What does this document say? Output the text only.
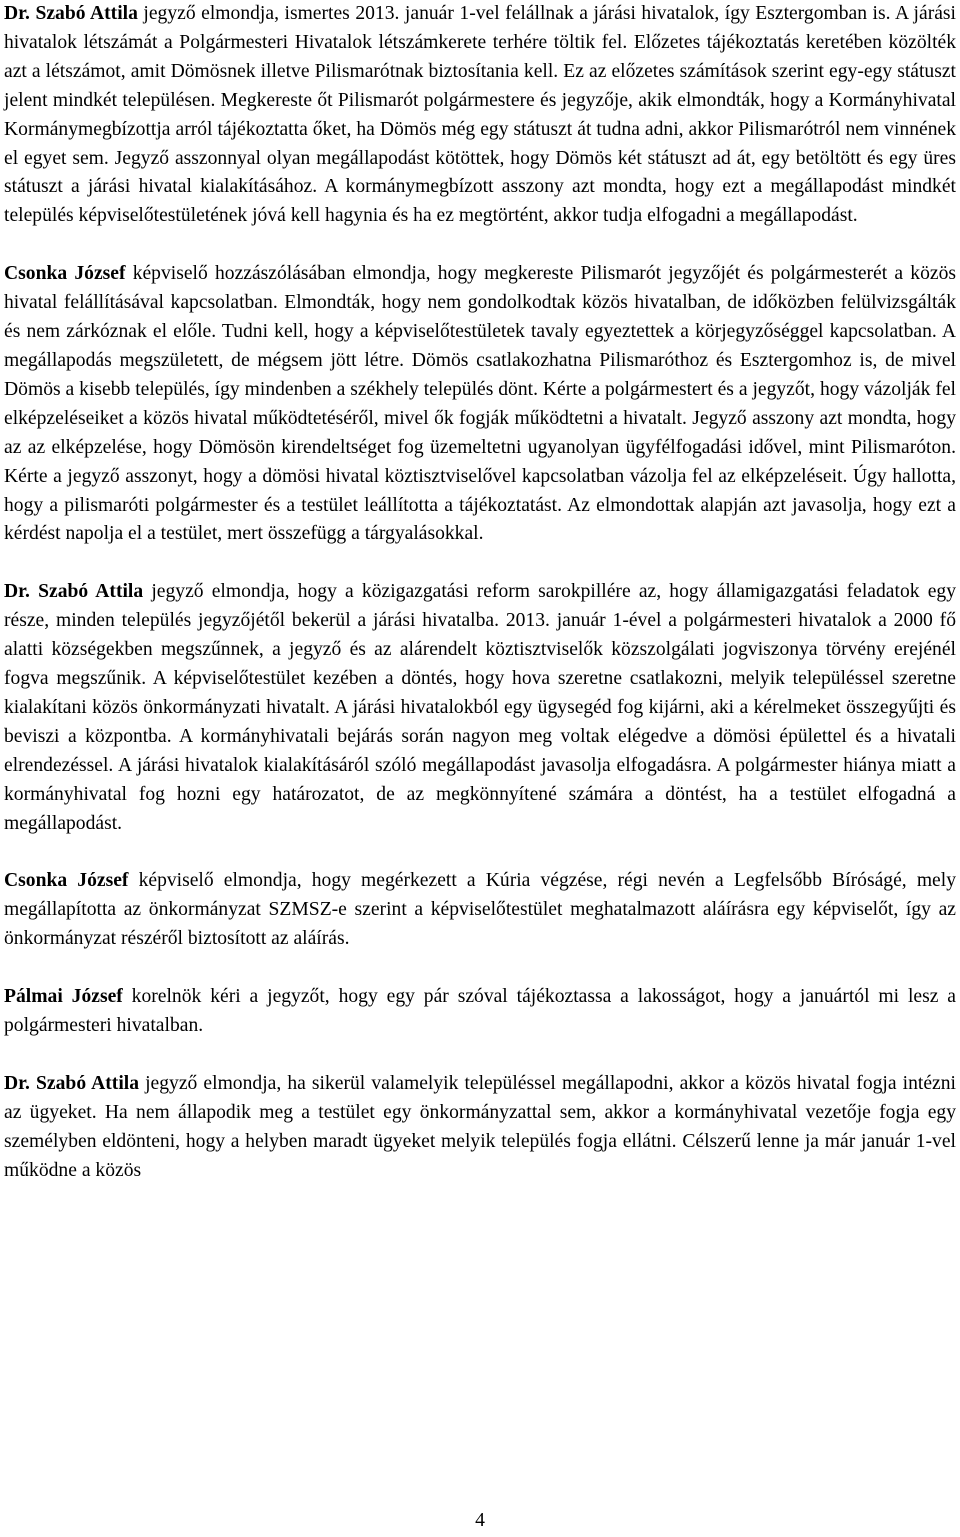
Dr. Szabó Attila jegyző elmondja, ismertes 2013. január 1-vel felállnak a járási hivatalok, így Esztergomban is. A járási hivatalok létszámát a Polgármesteri Hivatalok létszámkerete terhére töltik fel. Előzetes tájékoztatás keretében közölték azt a létszámot, amit Dömösnek illetve Pilismarótnak biztosítania kell. Ez az előzetes számítások szerint egy-egy státuszt jelent mindkét településen. Megkereste őt Pilismarót polgármestere és jegyzője, akik elmondták, hogy a Kormányhivatal Kormánymegbízottja arról tájékoztatta őket, ha Dömös még egy státuszt át tudna adni, akkor Pilismarótról nem vinnének el egyet sem. Jegyző asszonnyal olyan megállapodást kötöttek, hogy Dömös két státuszt ad át, egy betöltött és egy üres státuszt a járási hivatal kialakításához. A kormánymegbízott asszony azt mondta, hogy ezt a megállapodást mindkét település képviselőtestületének jóvá kell hagynia és ha ez megtörtént, akkor tudja elfogadni a megállapodást.

Csonka József képviselő hozzászólásában elmondja, hogy megkereste Pilismarót jegyzőjét és polgármesterét a közös hivatal felállításával kapcsolatban. Elmondták, hogy nem gondolkodtak közös hivatalban, de időközben felülvizsgálták és nem zárkóznak el előle. Tudni kell, hogy a képviselőtestületek tavaly egyeztettek a körjegyzőséggel kapcsolatban. A megállapodás megszületett, de mégsem jött létre. Dömös csatlakozhatna Pilismaróthoz és Esztergomhoz is, de mivel Dömös a kisebb település, így mindenben a székhely település dönt. Kérte a polgármestert és a jegyzőt, hogy vázolják fel elképzeléseiket a közös hivatal működtetéséről, mivel ők fogják működtetni a hivatalt. Jegyző asszony azt mondta, hogy az az elképzelése, hogy Dömösön kirendeltséget fog üzemeltetni ugyanolyan ügyfélfogadási idővel, mint Pilismaróton. Kérte a jegyző asszonyt, hogy a dömösi hivatal köztisztviselővel kapcsolatban vázolja fel az elképzeléseit. Úgy hallotta, hogy a pilismaróti polgármester és a testület leállította a tájékoztatást. Az elmondottak alapján azt javasolja, hogy ezt a kérdést napolja el a testület, mert összefügg a tárgyalásokkal.

Dr. Szabó Attila jegyző elmondja, hogy a közigazgatási reform sarokpillére az, hogy államigazgatási feladatok egy része, minden település jegyzőjétől bekerül a járási hivatalba. 2013. január 1-ével a polgármesteri hivatalok a 2000 fő alatti községekben megszűnnek, a jegyző és az alárendelt köztisztviselők közszolgálati jogviszonya törvény erejénél fogva megszűnik. A képviselőtestület kezében a döntés, hogy hova szeretne csatlakozni, melyik településsel szeretne kialakítani közös önkormányzati hivatalt. A járási hivatalokból egy ügysegéd fog kijárni, aki a kérelmeket összegyűjti és beviszi a központba. A kormányhivatali bejárás során nagyon meg voltak elégedve a dömösi épülettel és a hivatali elrendezéssel. A járási hivatalok kialakításáról szóló megállapodást javasolja elfogadásra. A polgármester hiánya miatt a kormányhivatal fog hozni egy határozatot, de az megkönnyítené számára a döntést, ha a testület elfogadná a megállapodást.

Csonka József képviselő elmondja, hogy megérkezett a Kúria végzése, régi nevén a Legfelsőbb Bíróságé, mely megállapította az önkormányzat SZMSZ-e szerint a képviselőtestület meghatalmazott aláírásra egy képviselőt, így az önkormányzat részéről biztosított az aláírás.

Pálmai József korelnök kéri a jegyzőt, hogy egy pár szóval tájékoztassa a lakosságot, hogy a januártól mi lesz a polgármesteri hivatalban.

Dr. Szabó Attila jegyző elmondja, ha sikerül valamelyik településsel megállapodni, akkor a közös hivatal fogja intézni az ügyeket. Ha nem állapodik meg a testület egy önkormányzattal sem, akkor a kormányhivatal vezetője fogja egy személyben eldönteni, hogy a helyben maradt ügyeket melyik település fogja ellátni. Célszerű lenne ja már január 1-vel működne a közös

4
